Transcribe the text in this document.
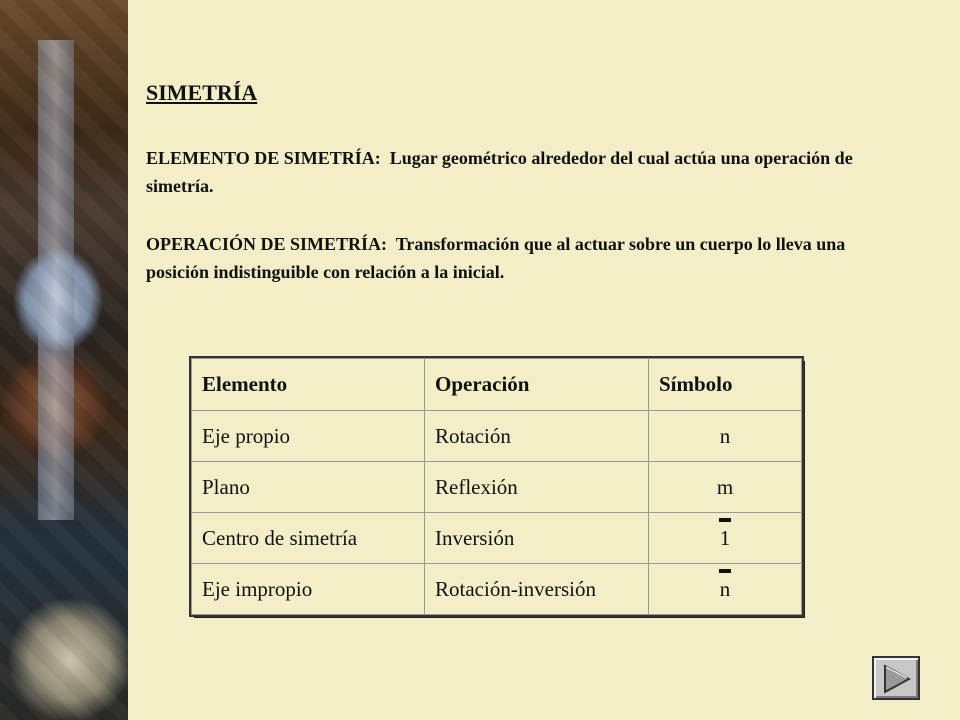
SIMETRÍA

ELEMENTO DE SIMETRÍA: Lugar geométrico alrededor del cual actúa una operación de simetría.

OPERACIÓN DE SIMETRÍA: Transformación que al actuar sobre un cuerpo lo lleva una posición indistinguible con relación a la inicial.

Elemento	Operación	Símbolo
Eje propio	Rotación	n
Plano	Reflexión	m
Centro de simetría	Inversión	1

Eje impropio	Rotación-inversión	n
